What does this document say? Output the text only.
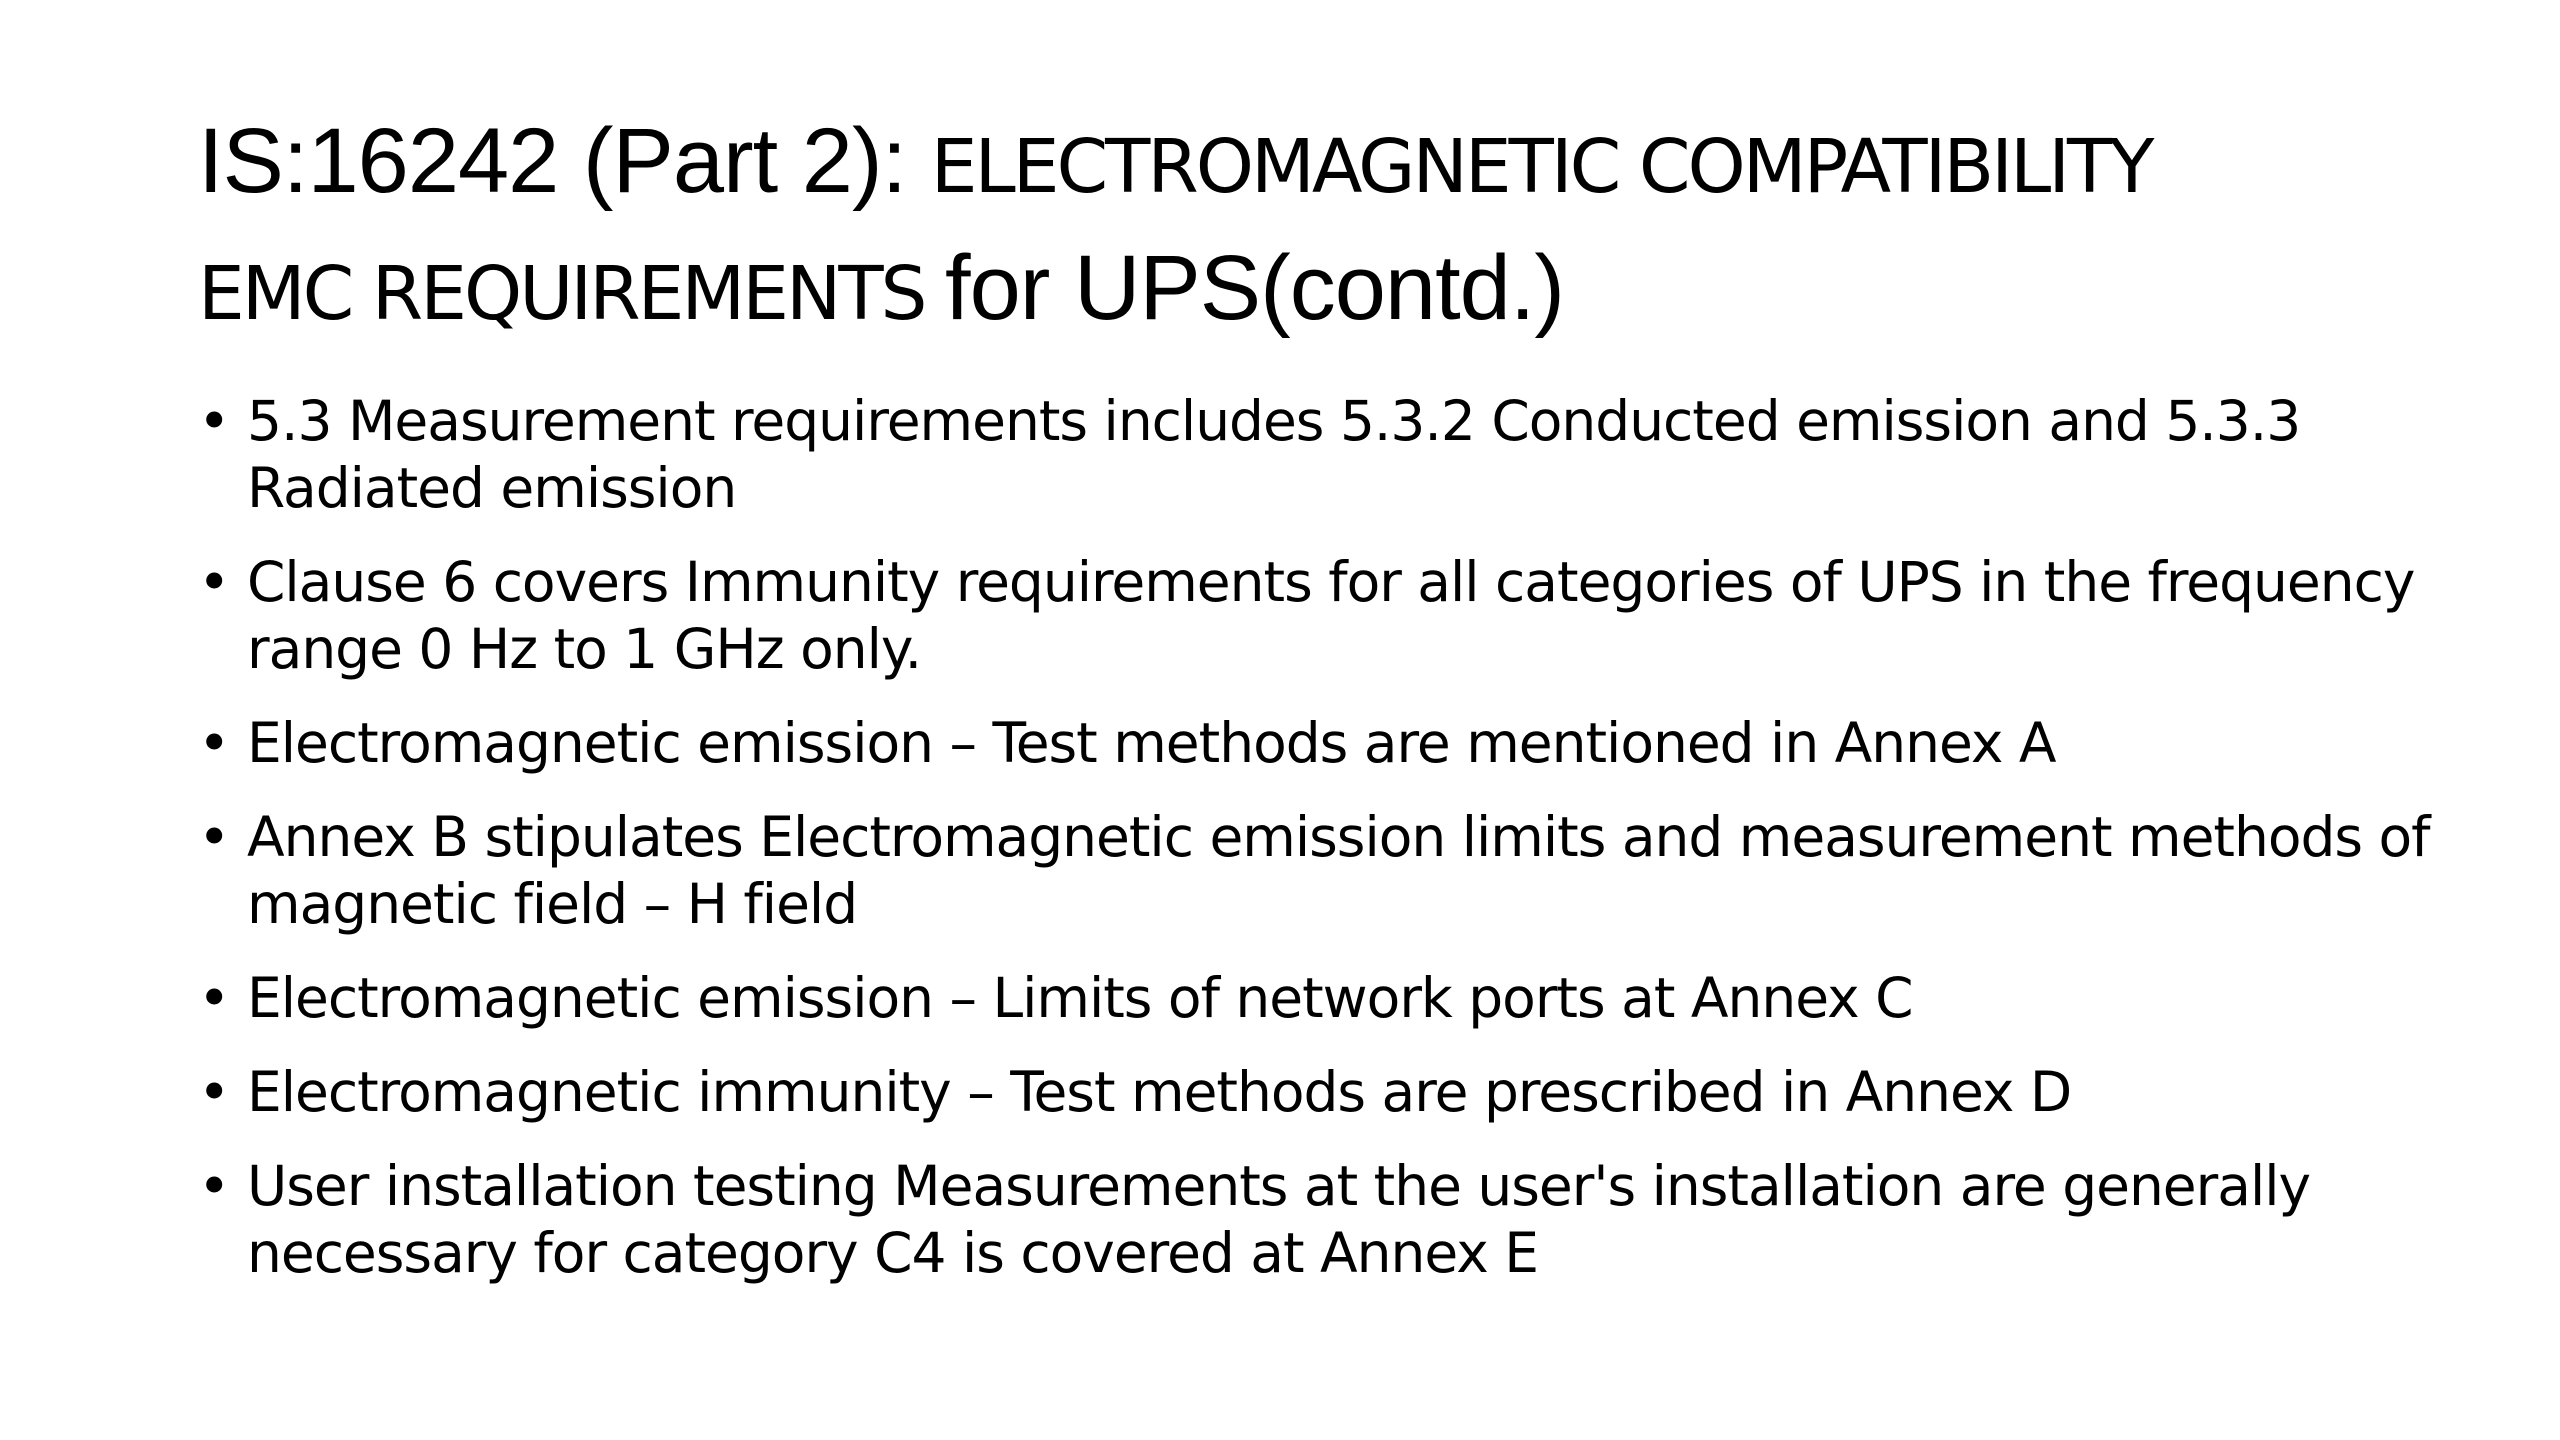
IS:16242 (Part 2): ELECTROMAGNETIC COMPATIBILITY
EMC REQUIREMENTS for UPS(contd.)
• 5.3 Measurement requirements includes 5.3.2 Conducted emission and 5.3.3 Radiated emission
• Clause 6 covers Immunity requirements for all categories of UPS in the frequency range 0 Hz to 1 GHz only.
• Electromagnetic emission – Test methods are mentioned in Annex A
• Annex B stipulates Electromagnetic emission limits and measurement methods of magnetic field – H field
• Electromagnetic emission – Limits of network ports at Annex C
• Electromagnetic immunity – Test methods are prescribed in Annex D
• User installation testing Measurements at the user's installation are generally necessary for category C4 is covered at Annex E
